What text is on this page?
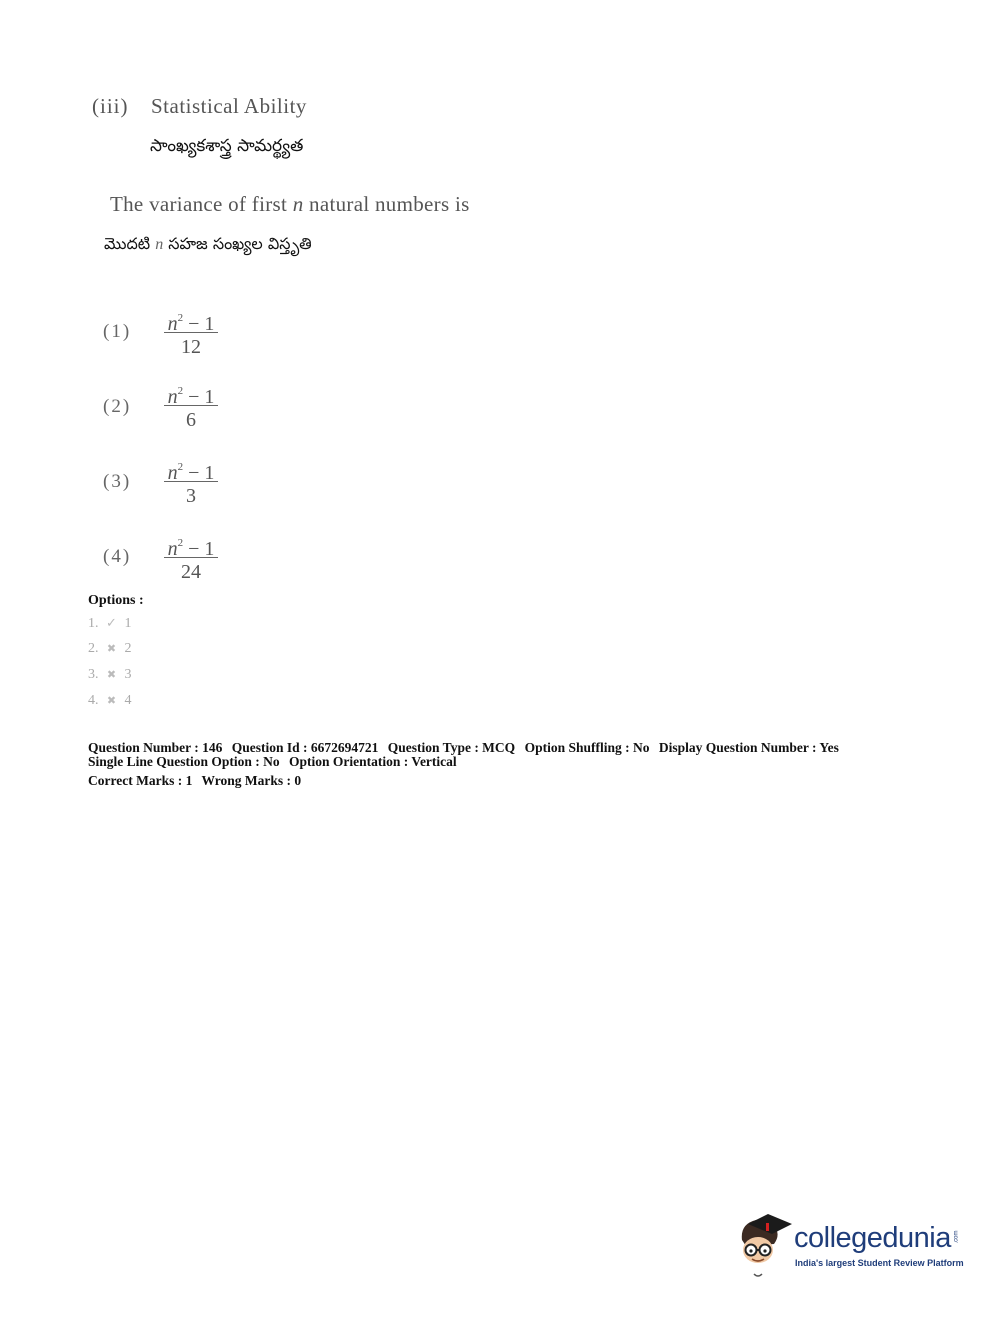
(iii) Statistical Ability
సాంఖ్యకశాస్త్ర సామర్థ్యత
The variance of first n natural numbers is
మొదటి n సహజ సంఖ్యల విస్తృతి
(1) $n^2 - 1$
12
(2) $n^2 - 1$
6
(3) $n^2 - 1$
3
(4) $n^2 - 1$
24
Options :
1. ✓ 1
2. ✖ 2
3. ✖ 3
4. ✖ 4
Question Number : 146 Question Id : 6672694721 Question Type : MCQ Option Shuffling : No Display Question Number : Yes
Single Line Question Option : No Option Orientation : Vertical
Correct Marks : 1 Wrong Marks : 0
collegedunia .com
India's largest Student Review Platform
